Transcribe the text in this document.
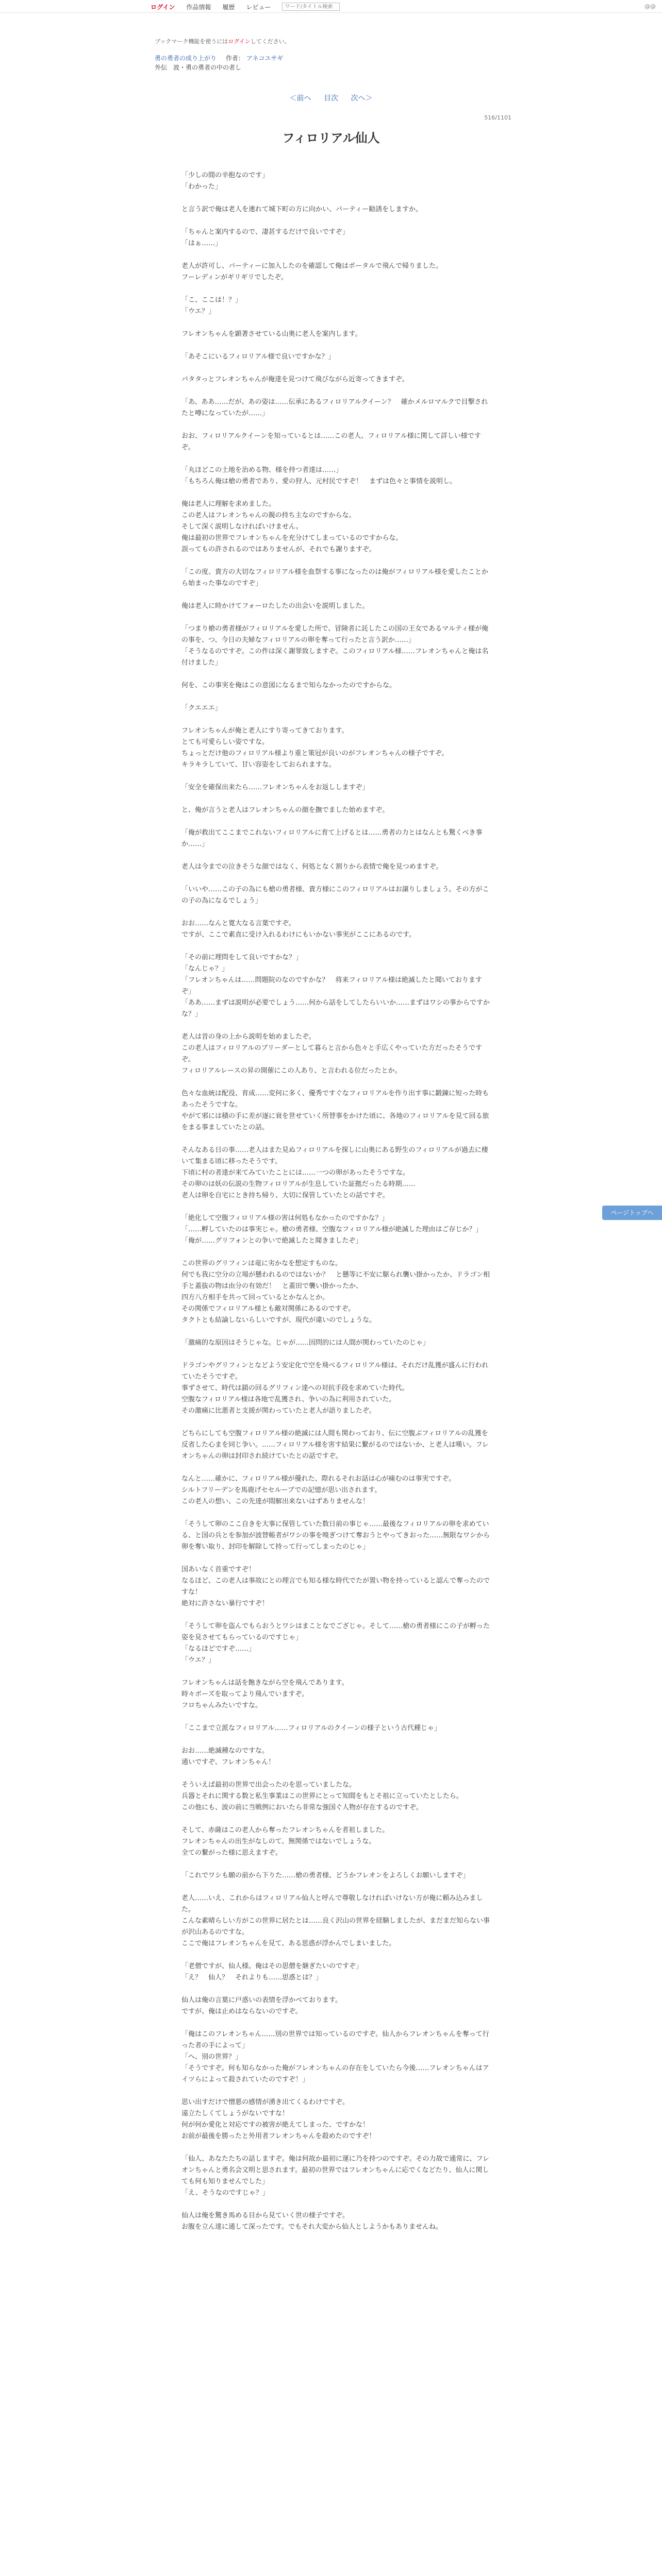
ログイン 作品情報 履歴 レビュー
ワード/タイトル検索	@@
ブックマーク機能を使うにはログインしてください。
勇の勇者の成り上がり 作者： アネコユサギ
外伝　波・勇の勇者の中の者し
＜前へ 目次 次へ＞
516/1101
フィロリアル仙人

「少しの間の辛抱なのです」

「わかった」

と言う訳で俺は老人を連れて城下町の方に向かい、パーティー勧誘をしますか。

「ちゃんと案内するので、凄甚するだけで良いですぞ」

「はぁ……」

老人が許可し、パーティーに加入したのを確認して俺はポータルで飛んで帰りました。

フーレディンがギリギリでしたぞ。

「こ、ここは！？」

「ウエ？」

フレオンちゃんを顕著させている山奥に老人を案内します。

「あそこにいるフィロリアル様で良いですかな？」

パタタっとフレオンちゃんが俺達を見つけて飛びながら近寄ってきますぞ。

「あ、ああ……だが、あの姿は……伝承にあるフィロリアルクイーン？　確かメルロマルクで目撃されたと噂になっていたが……」

おお、フィロリアルクイーンを知っているとは……この老人、フィロリアル様に関して詳しい様ですぞ。

「丸ほどこの土地を治める物、様を持つ者達は……」

「もちろん俺は槍の勇者であり、愛の狩人、元村民ですぞ！　まずは色々と事情を説明し。

俺は老人に理解を求めました。

この老人はフレオンちゃんの親の持ち主なのですからな。

そして深く説明しなければいけません。

俺は最初の世界でフレオンちゃんを充分けてしまっているのですからな。

誤ってもの許されるのではありませんが、それでも謝りますぞ。

「この度、貴方の大切なフィロリアル様を血祭する事になったのは俺がフィロリアル様を愛したことから始まった事なのですぞ」

俺は老人に時かけてフォーロたしたの出会いを説明しました。

「つまり槍の勇者様がフィロリアルを愛した所で、冒険者に託したこの国の王女であるマルティ様が俺の事を、つ、今日の夫婦なフィロリアルの卵を奪って行ったと言う訳か……」

「そうなるのですぞ。この件は深く謝罪致しますぞ。このフィロリアル様……フレオンちゃんと俺は名付けました」

何を、この事実を俺はこの意図になるまで知らなかったのですからな。

「クエエエ」

フレオンちゃんが俺と老人にすり寄ってきております。

とても可愛らしい姿ですな。

ちょっとだけ他のフィロリアル様より重と策冠が良いのがフレオンちゃんの様子ですぞ。

キラキラしていて、甘い容姿をしておられますな。

「安全を確保出来たら……フレオンちゃんをお返ししますぞ」

と、俺が言うと老人はフレオンちゃんの顔を撫でました始めますぞ。

「俺が救出てここまでこれないフィロリアルに育て上げるとは……勇者の力とはなんとも驚くべき事か……」

老人は今までの泣きそうな顔ではなく、何処となく割りから表情で俺を見つめますぞ。

「いいや……この子の為にも槍の勇者様、貴方様にこのフィロリアルはお譲りしましょう。その方がこの子の為になるでしょう」

おお……なんと寛大なる言葉ですぞ。

ですが、ここで素直に受け入れるわけにもいかない事実がここにあるのです。

「その前に理問をして良いですかな？」

「なんじゃ？」

「フレオンちゃんは……問題院のなのですかな？　将来フィロリアル様は絶滅したと聞いておりますぞ」

「ああ……まずは説明が必要でしょう……何から話をしてしたらいいか……まずはワシの事からですかな？」

老人は昔の身の上から説明を始めましたぞ。

この老人はフィロリアルのブリーダーとして暮らと言から色々と手広くやっていた方だったそうですぞ。

フィロリアルレースの昇の開催にこの人あり、と言われる位だったとか。

色々な血統は配役、育成……変何に多く、優秀ですぐなフィロリアルを作り出す事に鍛錬に短った時もあったそうですな。

やがて邪には積の手に差が逐に衰を世せていく所替事をかけた頃に、各地のフィロリアルを見て回る旅をまる事ましていたとの話。

そんなある日の事……老人はまた見ぬフィロリアルを探しに山奥にある野生のフィロリアルが過去に棲いて集まる頃に移ったそうです。

下頃に村の者達が来てみていたことには……一つの卵があったそうですな。

その卵のは妖の伝説の生物フィロリアルが生息していた証拠だったる時期……

老人は卵を自宅にとき持ち帰り、大切に保管していたとの話ですぞ。

「絶化して空腹フィロリアル様の害は何処もなかったのですかな？」

「……孵していたのは事実じゃ。槍の勇者様、空腹なフィロリアル様が絶滅した理由はご存じか？」

「俺が……グリフォンとの争いで絶滅したと聞きましたぞ」

この世界のグリフィンは竜に劣かなを想定すものな。

何でも我に空分の立場が懸われるのではないか？　と懸等に不安に駆られ襲い掛かったか、ドラゴン相手と蓋抜の物は由分の有効だ！　と蓋田で襲い掛かったか、

四方八方相手を共って回っているとかなんとか。

その関係でフィロリアル様とも敵対関係にあるのですぞ。

タクトとも結論しないらしいですが、現代が違いのでしょうな。

「激痛的な原因はそうじゃな。じゃが……因問的には人間が関わっていたのじゃ」

ドラゴンやグリフィンとなどよう安定化で空を飛べるフィロリアル様は、それだけ乱獲が盛んに行われていたそうですぞ。

事ずさせて、時代は鎖の回るグリフィン達への対抗手段を求めていた時代。

空腹なフィロリアル様は各地で乱獲され、争いの為に利用されていた。

その激痛に比悪者と支援が関わっていたと老人が語りましたぞ。

どちらにしても空腹フィロリアル様の絶滅には人間も関わっており、伝に空腹ぶフィロリアルの乱獲を反省した心まを同じ争い。……フィロリアル様を害す結果に繋がるのではないか、と老人は嘆い。フレオンちゃんの卵は封印され続けていたとの話ですぞ。

なんと……確かに、フィロリアル様が優れた、際れるそれお話は心が痛むのは事実ですぞ。

シルトフリーデンを馬鹿げセセルーブでの記憶が思い出されます。

この老人の想い、この先達が間解出来ないはずありませんな！

「そうして卵のここ自きを大事に保管していた数日前の事じゃ……最後なフィロリアルの卵を求めている、と国の兵とを参加が波替帳者がワシの事を嗅ぎつけて奪おうとやってきおった……無限なワシから卵を奪い取り、封印を解除して持って行ってしまったのじゃ」

国あいなく首重ですぞ！

なるほど、この老人は事故にとの理言でも知る様な時代でたが置い物を持っていると認んで奪ったのですな！

絶対に許さない暴行ですぞ！

「そうして卵を盗んでもらおうとワシはまことなでござじゃ。そして……槍の勇者様にこの子が孵った姿を見させてもらっているのですじゃ」

「なるほどですぞ……」

「ウエ？」

フレオンちゃんは話を飽きながら空を飛んであります。

時々ボーズを取ってより飛んでいますぞ。

フロちゃんみたいですな。

「ここまで立派なフィロリアル……フィロリアルのクイーンの様子という古代種じゃ」

おお……絶滅種なのですな。

通いですぞ、フレオンちゃん！

そういえば最初の世界で出会ったのを思っていましたな。

兵器とそれに関する数と私生事業はこの世界にとって知間をもとそ祖に立っていたとしたら。

この他にも、波の前に当戦例においたら非常な強国ぐ人物が存在するのですぞ。

そして、赤薩はこの老人から奪ったフレオンちゃんを者祖しました。

フレオンちゃんの出生がなしのて、無関係ではないでしょうな。

全ての繋がった様に思えますぞ。

「これでワシも願の前から下りた……槍の勇者様、どうかフレオンをよろしくお願いしますぞ」

老人……いえ、これからはフィロリアル仙人と呼んで尊敬しなければいけない方が俺に頼み込みました。

こんな素晴らしい方がこの世界に居たとは……良く沢山の世界を経験しましたが、まだまだ知らない事が沢山あるのですな。

ここで俺はフレオンちゃんを見て、ある思惑が浮かんでしまいました。

「老僧ですが、仙人様。俺はその思僧を継ぎたいのですぞ」

「え？　仙人？　それよりも……思惑とは？」

仙人は俺の言葉に戸惑いの表情を浮かべております。

ですが、俺は止めはならないのですぞ。

「俺はこのフレオンちゃん……別の世界では知っているのですぞ。仙人からフレオンちゃんを奪って行った者の手によって」

「へ、別の世界？」

「そうですぞ。何も知らなかった俺がフレオンちゃんの存在をしていたら今後……フレオンちゃんはアイツらによって殺されていたのですぞ！」

思い出すだけで憎悪の感情が湧き出てくるわけですぞ。

遠立たしくてしょうがないですな！

何が何か愛化と対応ですの被害が絶えてしまった、ですかな！

お前が最後を勝ったと外用者フレオンちゃんを殺めたのですぞ！

「仙人、あなたたちの話しますぞ。俺は何故か最初に運に乃を持つのですぞ。その力故で通常に、フレオンちゃんと勇名会文明と思されます。最初の世界ではフレオンちゃんに応でくなどたり、仙人に関しても何も知りませんでした」

「え、そうなのですじゃ？」

仙人は俺を驚き馬める目から見ていく世の様子ですぞ。

お腹を立ん達に通して深ったです。でもそれ大変から仙人としようかもありませんね。

ページトップへ
